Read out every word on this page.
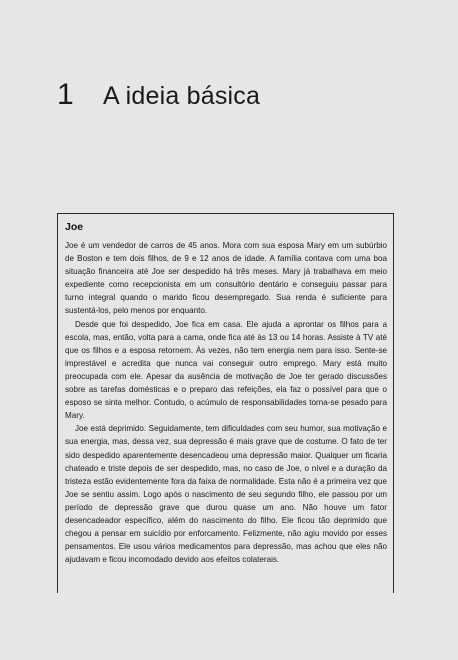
1	A ideia básica
Joe

Joe é um vendedor de carros de 45 anos. Mora com sua esposa Mary em um subúrbio de Boston e tem dois filhos, de 9 e 12 anos de idade. A família contava com uma boa situação financeira até Joe ser despedido há três meses. Mary já trabalhava em meio expediente como recepcionista em um consultório dentário e conseguiu passar para turno integral quando o marido ficou desempregado. Sua renda é suficiente para sustentá-los, pelo menos por enquanto.

Desde que foi despedido, Joe fica em casa. Ele ajuda a aprontar os filhos para a escola, mas, então, volta para a cama, onde fica até às 13 ou 14 horas. Assiste à TV até que os filhos e a esposa retornem. Às vezes, não tem energia nem para isso. Sente-se imprestável e acredita que nunca vai conseguir outro emprego. Mary está muito preocupada com ele. Apesar da ausência de motivação de Joe ter gerado discussões sobre as tarefas domésticas e o preparo das refeições, ela faz o possível para que o esposo se sinta melhor. Contudo, o acúmulo de responsabilidades torna-se pesado para Mary.

Joe está deprimido. Seguidamente, tem dificuldades com seu humor, sua motivação e sua energia, mas, dessa vez, sua depressão é mais grave que de costume. O fato de ter sido despedido aparentemente desencadeou uma depressão maior. Qualquer um ficaria chateado e triste depois de ser despedido, mas, no caso de Joe, o nível e a duração da tristeza estão evidentemente fora da faixa de normalidade. Esta não é a primeira vez que Joe se sentiu assim. Logo após o nascimento de seu segundo filho, ele passou por um período de depressão grave que durou quase um ano. Não houve um fator desencadeador específico, além do nascimento do filho. Ele ficou tão deprimido que chegou a pensar em suicídio por enforcamento. Felizmente, não agiu movido por esses pensamentos. Ele usou vários medicamentos para depressão, mas achou que eles não ajudavam e ficou incomodado devido aos efeitos colaterais.
